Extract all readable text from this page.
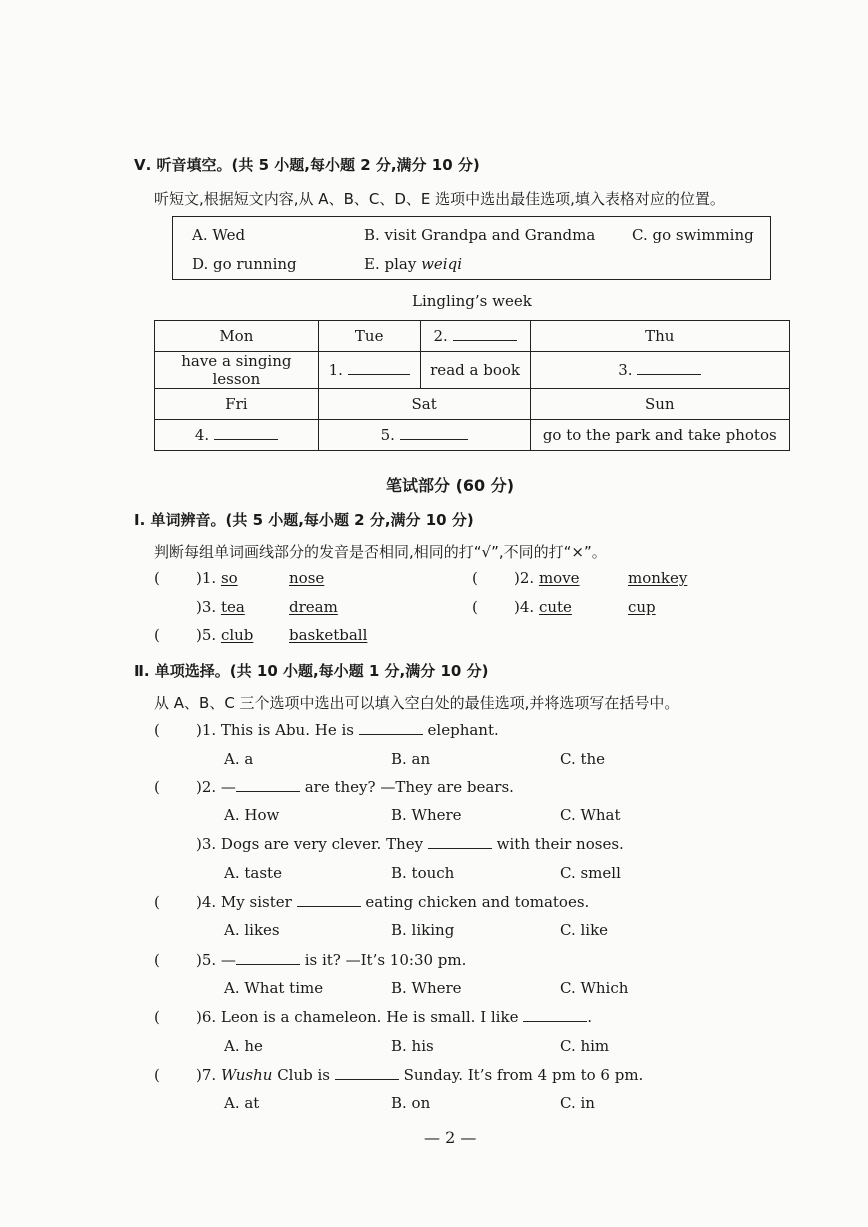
Ⅴ. 听音填空。(共 5 小题,每小题 2 分,满分 10 分)
听短文,根据短文内容,从 A、B、C、D、E 选项中选出最佳选项,填入表格对应的位置。
A. Wed	B. visit Grandpa and Grandma C. go swimming
D. go running	E. play weiqi
Lingling’s week
Mon	Tue	2.	Thu
have a singing lesson	1.	read a book	3.
Fri	Sat		Sun
4.	5.		go to the park and take photos
笔试部分 (60 分)
Ⅰ. 单词辨音。(共 5 小题,每小题 2 分,满分 10 分)
判断每组单词画线部分的发音是否相同,相同的打“√”,不同的打“×”。
( )1. so	nose	( )2. move	monkey
)3. tea	dream	( )4. cute	cup
( )5. club basketball
Ⅱ. 单项选择。(共 10 小题,每小题 1 分,满分 10 分)
从 A、B、C 三个选项中选出可以填入空白处的最佳选项,并将选项写在括号中。
( )1. This is Abu. He is	elephant.
A. a	B. an	C. the
( )2. —	are they? —They are bears.
A. How	B. Where	C. What
)3. Dogs are very clever. They	with their noses.
A. taste	B. touch	C. smell
( )4. My sister	eating chicken and tomatoes.
A. likes	B. liking	C. like
( )5. —	is it? —It’s 10:30 pm.
A. What time	B. Where	C. Which
( )6. Leon is a chameleon. He is small. I like	.
A. he	B. his	C. him
( )7. Wushu Club is	Sunday. It’s from 4 pm to 6 pm.
A. at	B. on	C. in
— 2 —
